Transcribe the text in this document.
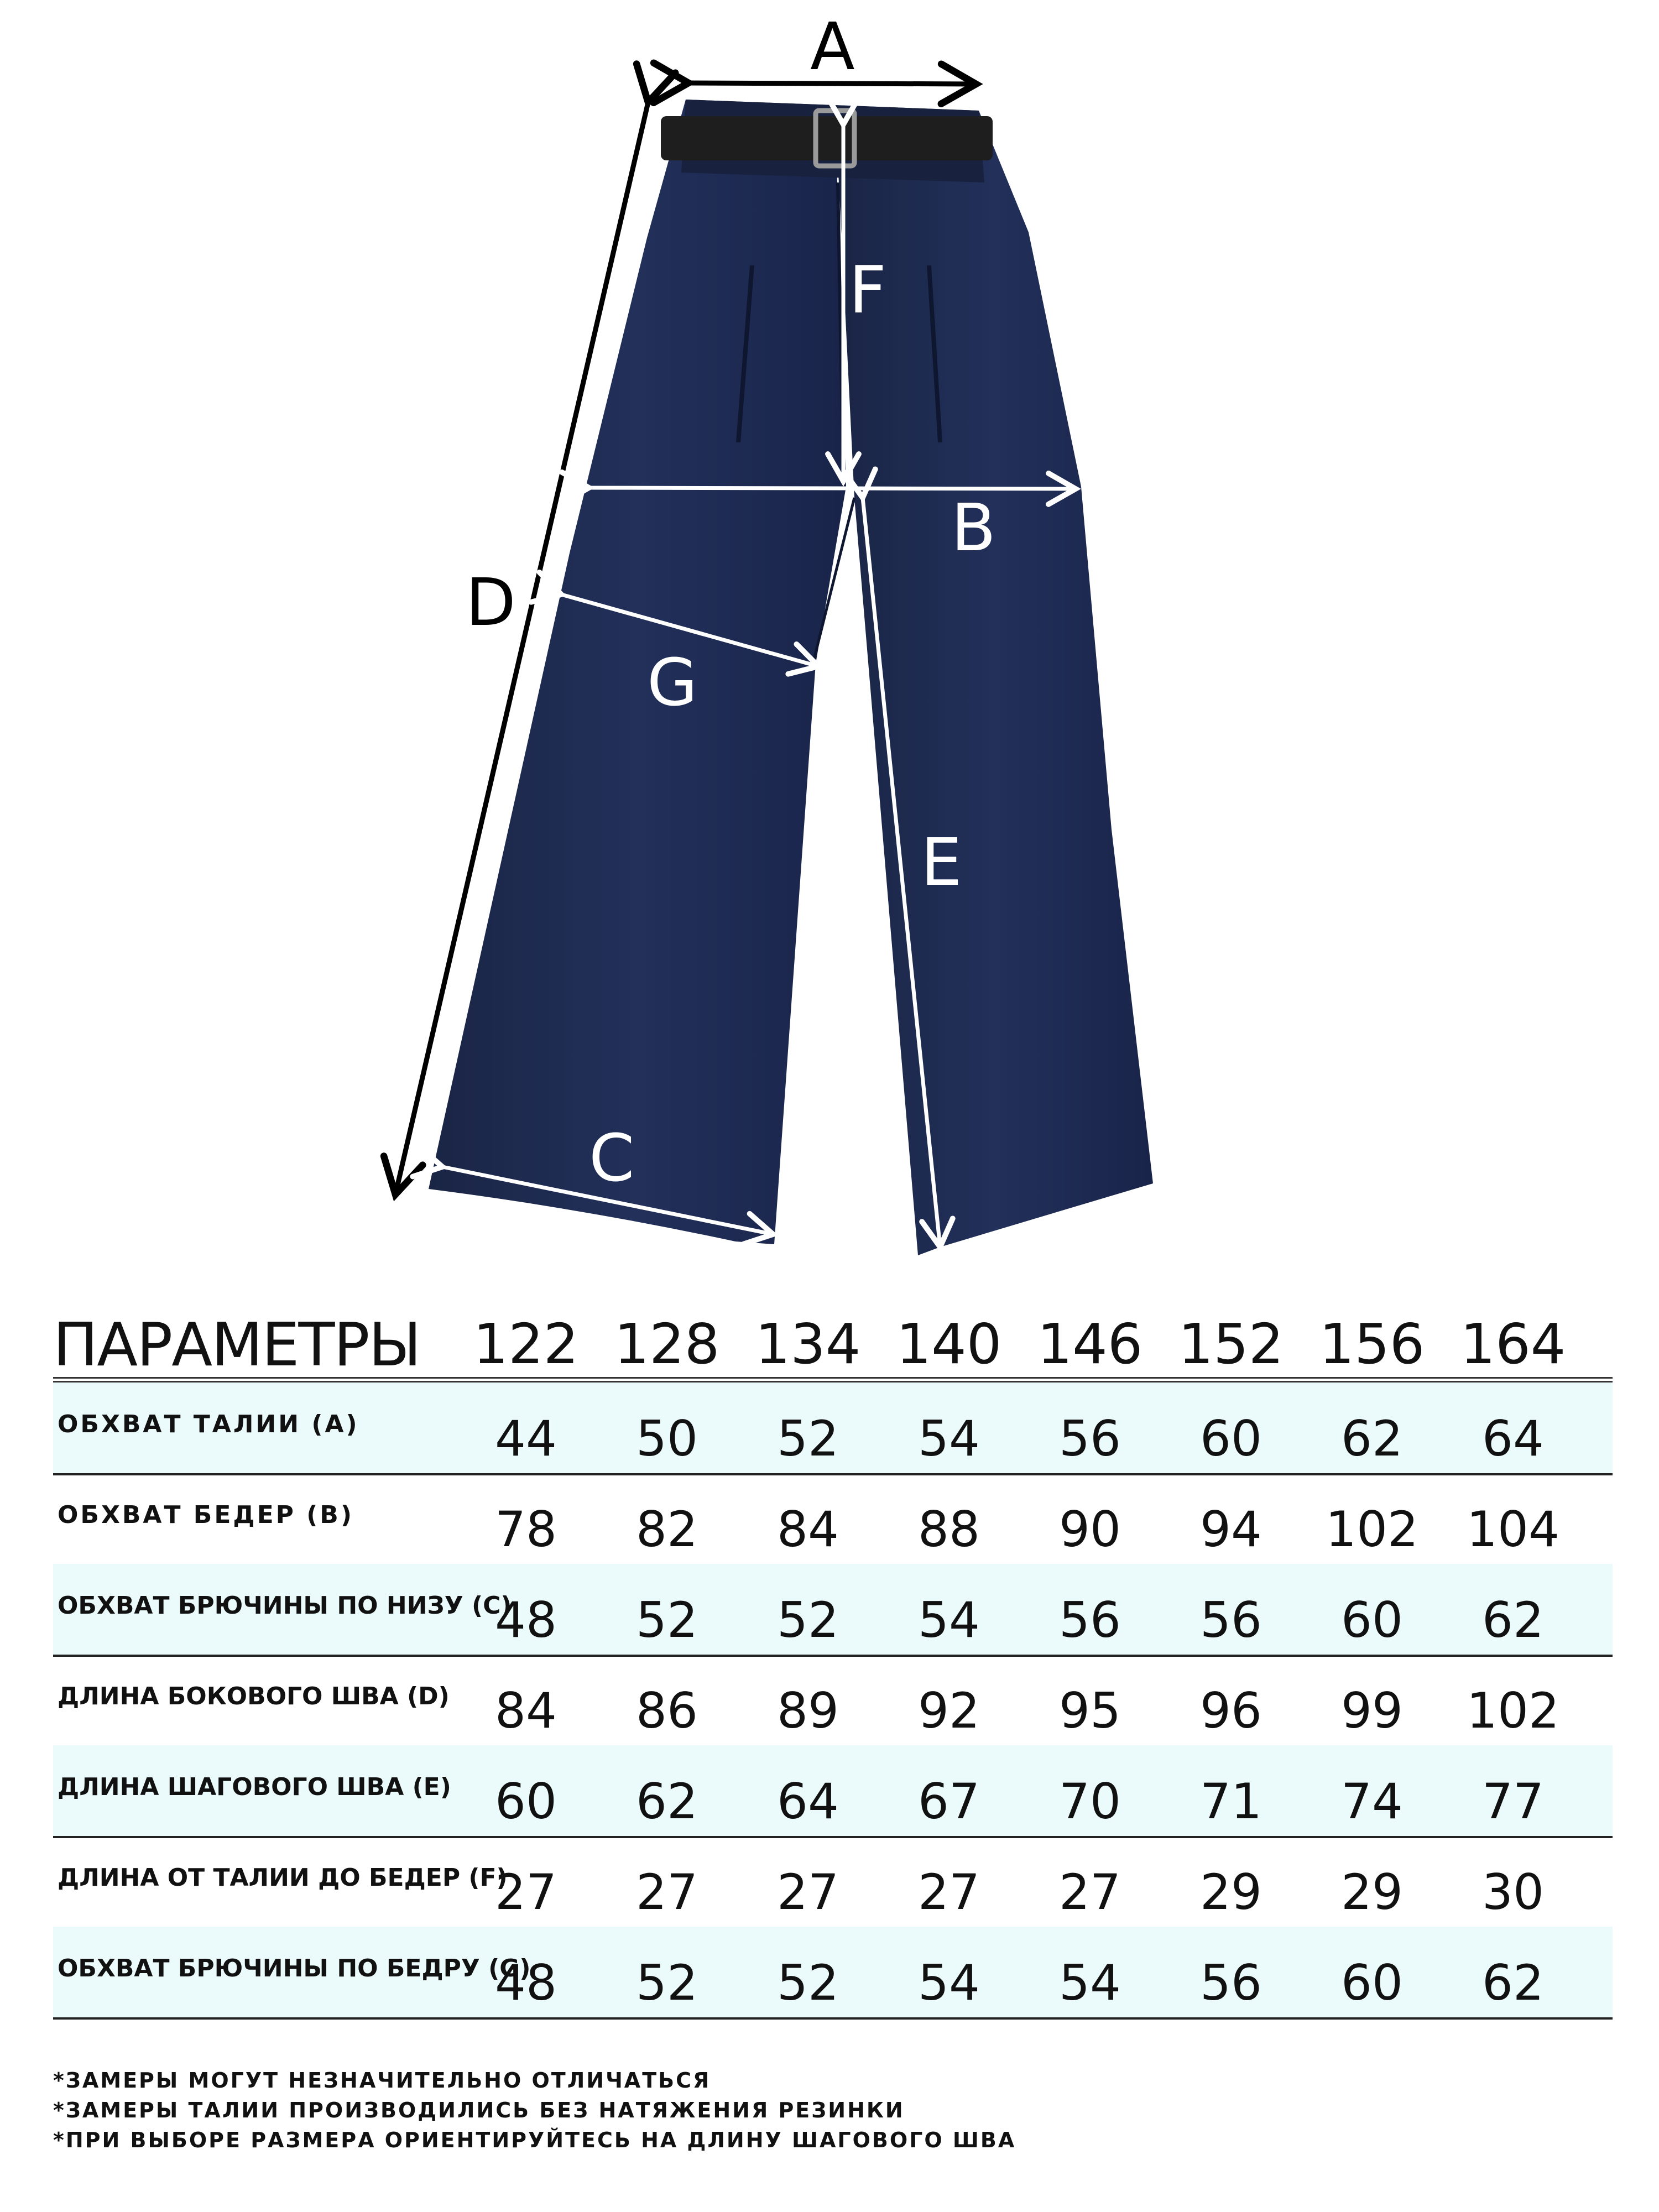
A
D
F
B
G
E
C
ПАРАМЕТРЫ 122 128 134 140 146 152 156 164
ОБХВАТ ТАЛИИ (A)	44	50	52	54	56	60	62	64
ОБХВАТ БЕДЕР (B)	78	82	84	88	90	94	102 104
ОБХВАТ БРЮЧИНЫ ПО НИЗУ (C)
48	52	52	54	56	56	60	62
ДЛИНА БОКОВОГО ШВА (D) 84	86	89	92	95	96	99	102
ДЛИНА ШАГОВОГО ШВА (E) 60	62	64	67	70	71	74	77
ДЛИНА ОТ ТАЛИИ ДО БЕДЕР (F)
27	27	27	27	27	29	29	30
ОБХВАТ БРЮЧИНЫ ПО БЕДРУ (G)
48	52	52	54	54	56	60	62
*ЗАМЕРЫ МОГУТ НЕЗНАЧИТЕЛЬНО ОТЛИЧАТЬСЯ
*ЗАМЕРЫ ТАЛИИ ПРОИЗВОДИЛИСЬ БЕЗ НАТЯЖЕНИЯ РЕЗИНКИ
*ПРИ ВЫБОРЕ РАЗМЕРА ОРИЕНТИРУЙТЕСЬ НА ДЛИНУ ШАГОВОГО ШВА
